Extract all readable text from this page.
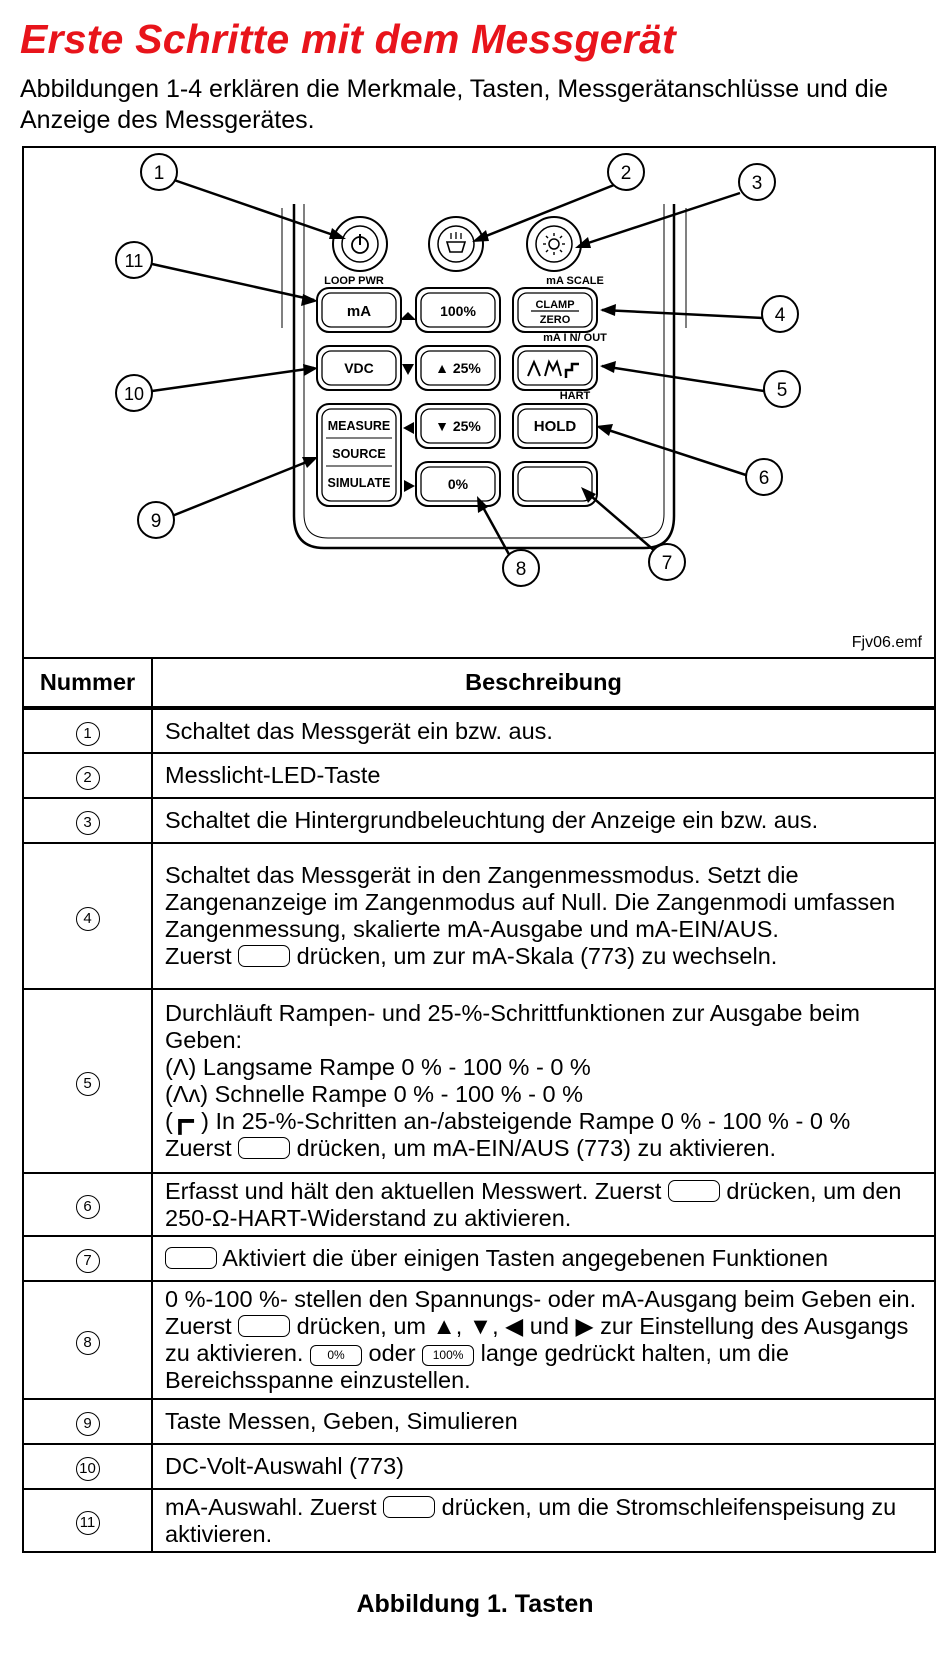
Erste Schritte mit dem Messgerät
Abbildungen 1-4 erklären die Merkmale, Tasten, Messgerätanschlüsse und die Anzeige des Messgerätes.
LOOP PWR	mA SCALE
mA I N/ OUT
HART
mA	100%	CLAMP
ZERO
VDC	▲ 25%
MEASURE
SOURCE
SIMULATE
▼ 25%	HOLD
0%
1	2	3
4
5
6
7
8
9
10
11
Fjv06.emf
Nummer	Beschreibung
1	Schaltet das Messgerät ein bzw. aus.
2	Messlicht-LED-Taste
3	Schaltet die Hintergrundbeleuchtung der Anzeige ein bzw. aus.
4	Schaltet das Messgerät in den Zangenmessmodus. Setzt die Zangenanzeige im Zangenmodus auf Null. Die Zangenmodi umfassen Zangenmessung, skalierte mA-Ausgabe und mA-EIN/AUS.
Zuerst drücken, um zur mA-Skala (773) zu wechseln.

5	Durchläuft Rampen- und 25-%-Schrittfunktionen zur Ausgabe beim Geben:
(Λ) Langsame Rampe 0 % - 100 % - 0 %
(Ʌ​ʌ) Schnelle Rampe 0 % - 100 % - 0 %
(┏╸) In 25-%-Schritten an-/absteigende Rampe 0 % - 100 % - 0 %
Zuerst drücken, um mA-EIN/AUS (773) zu aktivieren.

6	Erfasst und hält den aktuellen Messwert. Zuerst drücken, um den 250-Ω-HART-Widerstand zu aktivieren.
7	Aktiviert die über einigen Tasten angegebenen Funktionen
8	0 %-100 %- stellen den Spannungs- oder mA-Ausgang beim Geben ein. Zuerst drücken, um ▲, ▼, ◀ und ▶ zur Einstellung des Ausgangs zu aktivieren. 0% oder 100% lange gedrückt halten, um die Bereichsspanne einzustellen.
9	Taste Messen, Geben, Simulieren
10	DC-Volt-Auswahl (773)
11	mA-Auswahl. Zuerst drücken, um die Stromschleifenspeisung zu aktivieren.
Abbildung 1. Tasten
